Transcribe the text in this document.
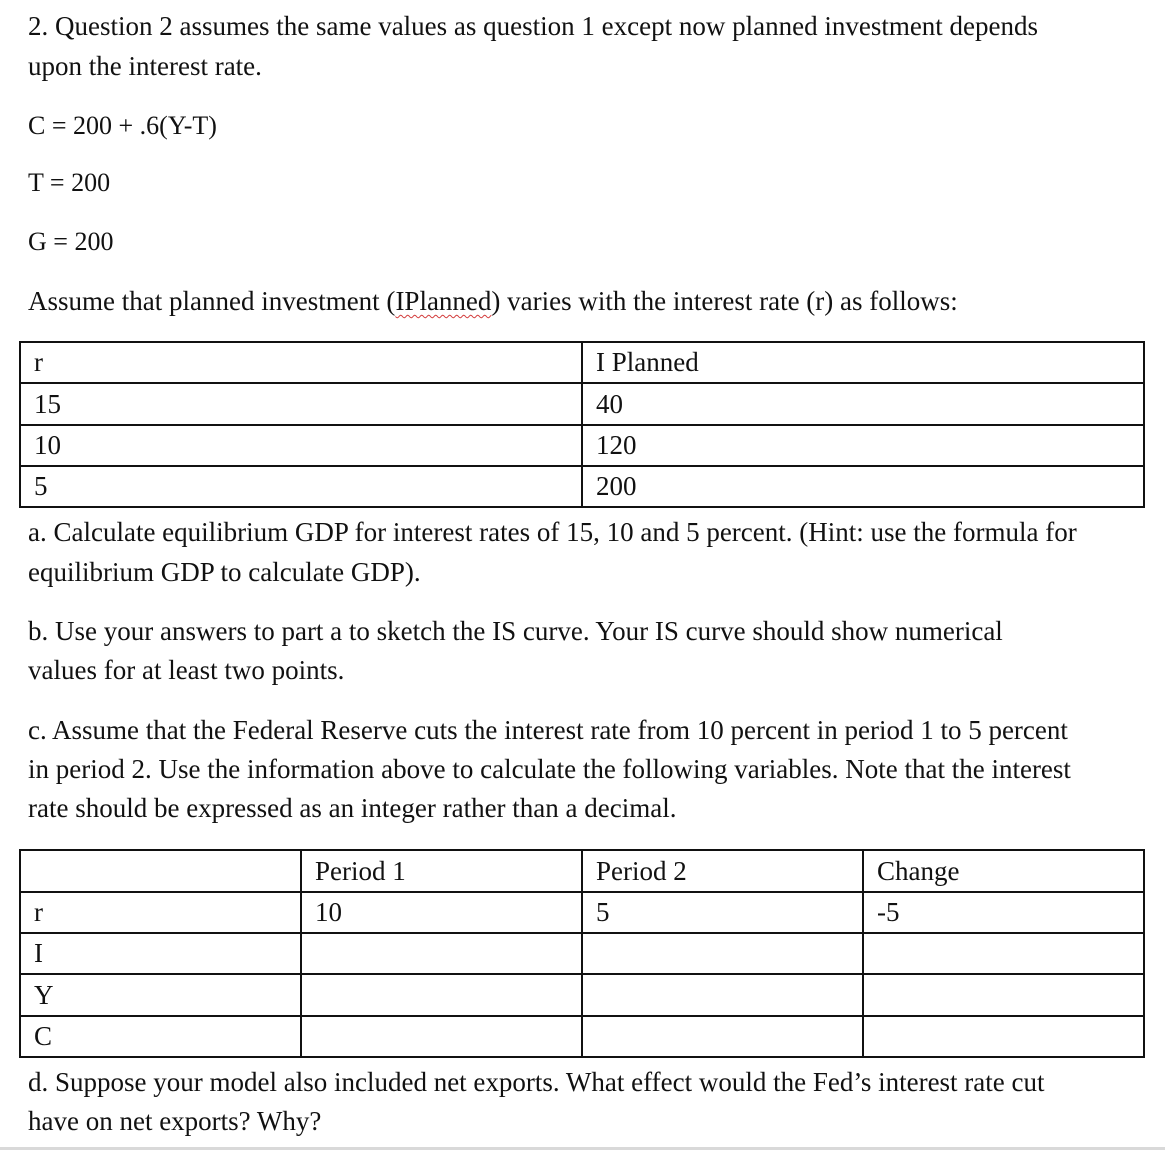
2. Question 2 assumes the same values as question 1 except now planned investment depends
upon the interest rate.
C = 200 + .6(Y-T)
T = 200
G = 200
Assume that planned investment (IPlanned) varies with the interest rate (r) as follows:
r	I Planned
15	40
10	120
5	200
a. Calculate equilibrium GDP for interest rates of 15, 10 and 5 percent. (Hint: use the formula for
equilibrium GDP to calculate GDP).
b. Use your answers to part a to sketch the IS curve. Your IS curve should show numerical
values for at least two points.
c. Assume that the Federal Reserve cuts the interest rate from 10 percent in period 1 to 5 percent
in period 2. Use the information above to calculate the following variables. Note that the interest
rate should be expressed as an integer rather than a decimal.
	Period 1	Period 2	Change
r	10	5	-5
I			
Y			
C			
d. Suppose your model also included net exports. What effect would the Fed’s interest rate cut
have on net exports? Why?
